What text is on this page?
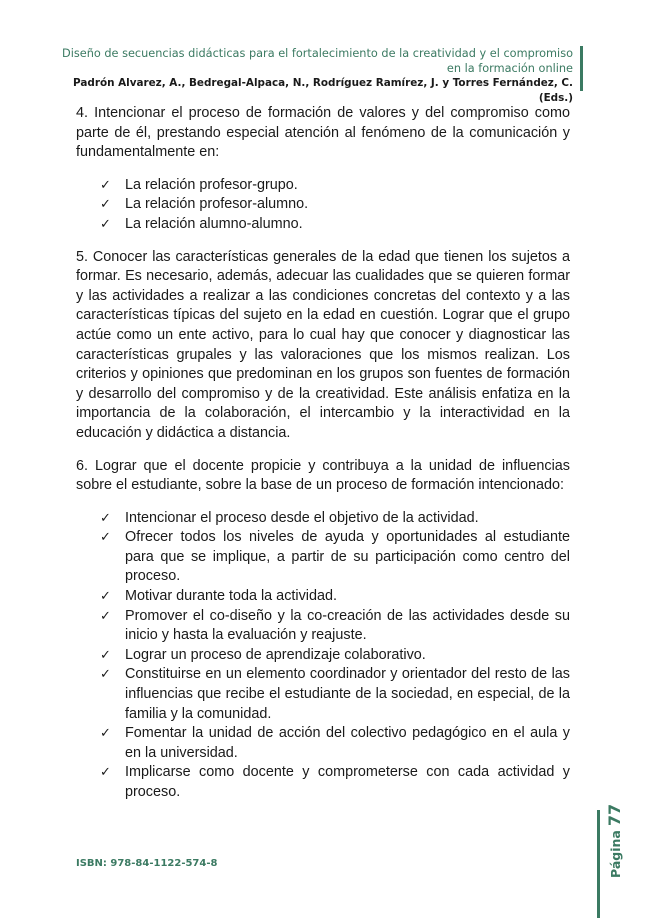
Diseño de secuencias didácticas para el fortalecimiento de la creatividad y el compromiso en la formación online
Padrón Alvarez, A., Bedregal-Alpaca, N., Rodríguez Ramírez, J. y Torres Fernández, C. (Eds.)

4. Intencionar el proceso de formación de valores y del compromiso como parte de él, prestando especial atención al fenómeno de la comunicación y fundamentalmente en:

✓ La relación profesor-grupo.
✓ La relación profesor-alumno.
✓ La relación alumno-alumno.

5. Conocer las características generales de la edad que tienen los sujetos a formar. Es necesario, además, adecuar las cualidades que se quieren formar y las actividades a realizar a las condiciones concretas del contexto y a las características típicas del sujeto en la edad en cuestión. Lograr que el grupo actúe como un ente activo, para lo cual hay que conocer y diagnosticar las características grupales y las valoraciones que los mismos realizan. Los criterios y opiniones que predominan en los grupos son fuentes de formación y desarrollo del compromiso y de la creatividad. Este análisis enfatiza en la importancia de la colaboración, el intercambio y la interactividad en la educación y didáctica a distancia.

6. Lograr que el docente propicie y contribuya a la unidad de influencias sobre el estudiante, sobre la base de un proceso de formación intencionado:

✓ Intencionar el proceso desde el objetivo de la actividad.
✓ Ofrecer todos los niveles de ayuda y oportunidades al estudiante para que se implique, a partir de su participación como centro del proceso.
✓ Motivar durante toda la actividad.
✓ Promover el co-diseño y la co-creación de las actividades desde su inicio y hasta la evaluación y reajuste.
✓ Lograr un proceso de aprendizaje colaborativo.
✓ Constituirse en un elemento coordinador y orientador del resto de las influencias que recibe el estudiante de la sociedad, en especial, de la familia y la comunidad.
✓ Fomentar la unidad de acción del colectivo pedagógico en el aula y en la universidad.
✓ Implicarse como docente y comprometerse con cada actividad y proceso.
ISBN: 978-84-1122-574-8	Página77
